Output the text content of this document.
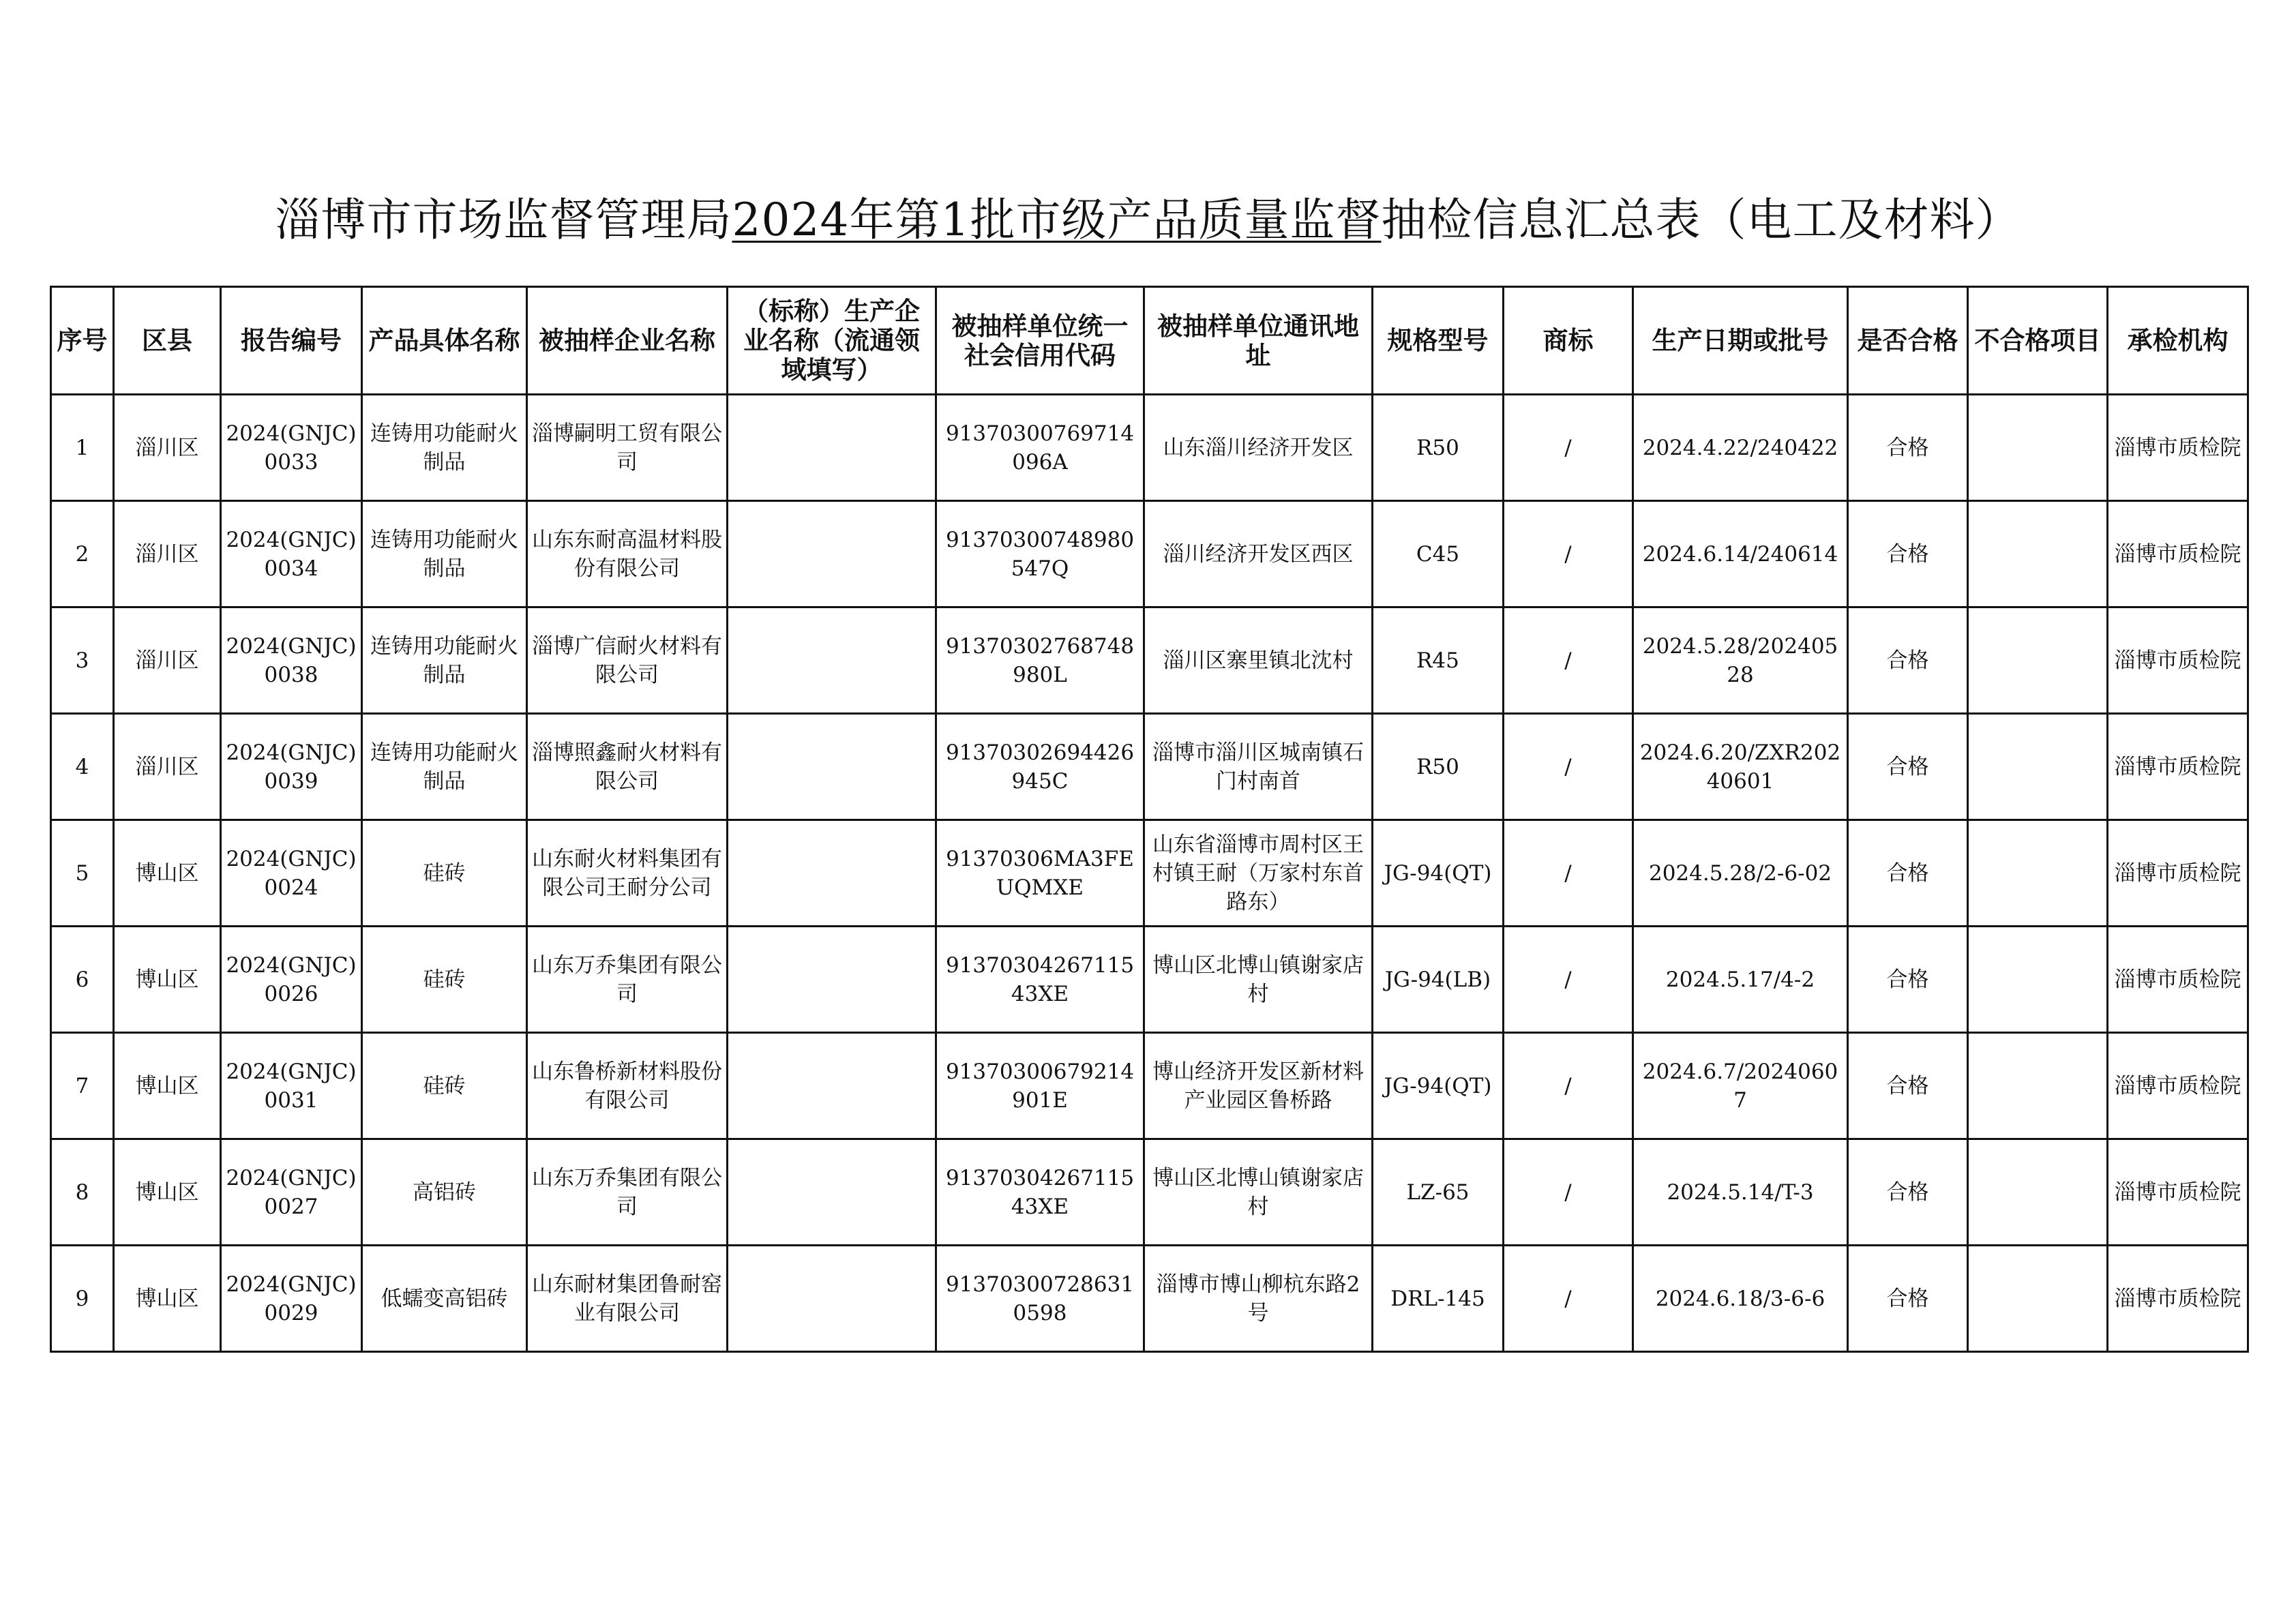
淄博市市场监督管理局2024年第1批市级产品质量监督抽检信息汇总表（电工及材料）
序号	区县	报告编号	产品具体名称	被抽样企业名称	（标称）生产企业名称（流通领域填写）	被抽样单位统一社会信用代码	被抽样单位通讯地址	规格型号	商标	生产日期或批号	是否合格	不合格项目	承检机构
1	淄川区	2024(GNJC)0033	连铸用功能耐火制品	淄博嗣明工贸有限公司		91370300769714096A	山东淄川经济开发区	R50	/	2024.4.22/240422	合格		淄博市质检院
2	淄川区	2024(GNJC)0034	连铸用功能耐火制品	山东东耐高温材料股份有限公司		91370300748980547Q	淄川经济开发区西区	C45	/	2024.6.14/240614	合格		淄博市质检院
3	淄川区	2024(GNJC)0038	连铸用功能耐火制品	淄博广信耐火材料有限公司		91370302768748980L	淄川区寨里镇北沈村	R45	/	2024.5.28/20240528	合格		淄博市质检院
4	淄川区	2024(GNJC)0039	连铸用功能耐火制品	淄博照鑫耐火材料有限公司		91370302694426945C	淄博市淄川区城南镇石门村南首	R50	/	2024.6.20/ZXR20240601	合格		淄博市质检院
5	博山区	2024(GNJC)0024	硅砖	山东耐火材料集团有限公司王耐分公司		91370306MA3FEUQMXE	山东省淄博市周村区王村镇王耐（万家村东首路东）	JG-94(QT)	/	2024.5.28/2-6-02	合格		淄博市质检院
6	博山区	2024(GNJC)0026	硅砖	山东万乔集团有限公司		9137030426711543XE	博山区北博山镇谢家店村	JG-94(LB)	/	2024.5.17/4-2	合格		淄博市质检院
7	博山区	2024(GNJC)0031	硅砖	山东鲁桥新材料股份有限公司		91370300679214901E	博山经济开发区新材料产业园区鲁桥路	JG-94(QT)	/	2024.6.7/20240607	合格		淄博市质检院
8	博山区	2024(GNJC)0027	高铝砖	山东万乔集团有限公司		9137030426711543XE	博山区北博山镇谢家店村	LZ-65	/	2024.5.14/T-3	合格		淄博市质检院
9	博山区	2024(GNJC)0029	低蠕变高铝砖	山东耐材集团鲁耐窑业有限公司		913703007286310598	淄博市博山柳杭东路2号	DRL-145	/	2024.6.18/3-6-6	合格		淄博市质检院
